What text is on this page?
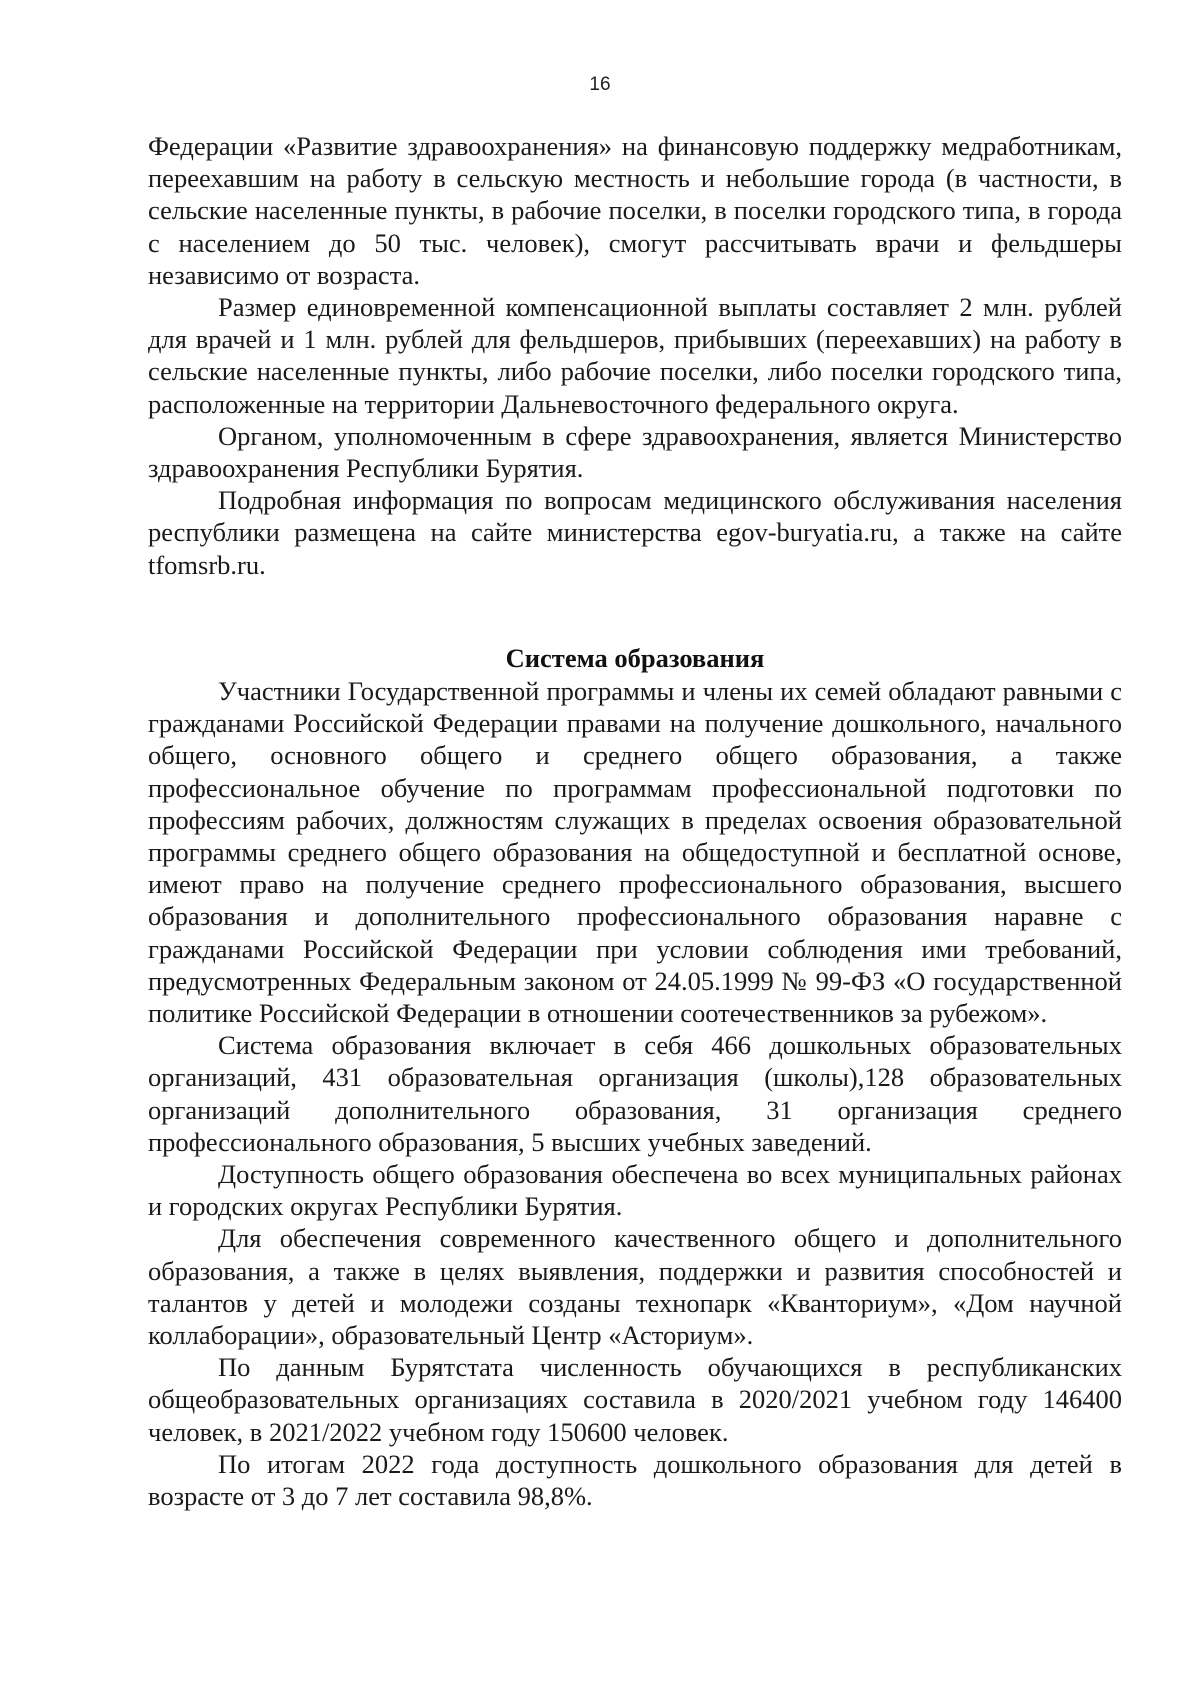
16

Федерации «Развитие здравоохранения» на финансовую поддержку медработникам, переехавшим на работу в сельскую местность и небольшие города (в частности, в сельские населенные пункты, в рабочие поселки, в поселки городского типа, в города с населением до 50 тыс. человек), смогут рассчитывать врачи и фельдшеры независимо от возраста.

Размер единовременной компенсационной выплаты составляет 2 млн. рублей для врачей и 1 млн. рублей для фельдшеров, прибывших (переехавших) на работу в сельские населенные пункты, либо рабочие поселки, либо поселки городского типа, расположенные на территории Дальневосточного федерального округа.

Органом, уполномоченным в сфере здравоохранения, является Министерство здравоохранения Республики Бурятия.

Подробная информация по вопросам медицинского обслуживания населения республики размещена на сайте министерства egov-buryatia.ru, а также на сайте tfomsrb.ru.

Система образования

Участники Государственной программы и члены их семей обладают равными с гражданами Российской Федерации правами на получение дошкольного, начального общего, основного общего и среднего общего образования, а также профессиональное обучение по программам профессиональной подготовки по профессиям рабочих, должностям служащих в пределах освоения образовательной программы среднего общего образования на общедоступной и бесплатной основе, имеют право на получение среднего профессионального образования, высшего образования и дополнительного профессионального образования наравне с гражданами Российской Федерации при условии соблюдения ими требований, предусмотренных Федеральным законом от 24.05.1999 № 99-ФЗ «О государственной политике Российской Федерации в отношении соотечественников за рубежом».

Система образования включает в себя 466 дошкольных образовательных организаций, 431 образовательная организация (школы),128 образовательных организаций дополнительного образования, 31 организация среднего профессионального образования, 5 высших учебных заведений.

Доступность общего образования обеспечена во всех муниципальных районах и городских округах Республики Бурятия.

Для обеспечения современного качественного общего и дополнительного образования, а также в целях выявления, поддержки и развития способностей и талантов у детей и молодежи созданы технопарк «Кванториум», «Дом научной коллаборации», образовательный Центр «Асториум».

По данным Бурятстата численность обучающихся в республиканских общеобразовательных организациях составила в 2020/2021 учебном году 146400 человек, в 2021/2022 учебном году 150600 человек.

По итогам 2022 года доступность дошкольного образования для детей в возрасте от 3 до 7 лет составила 98,8%.
